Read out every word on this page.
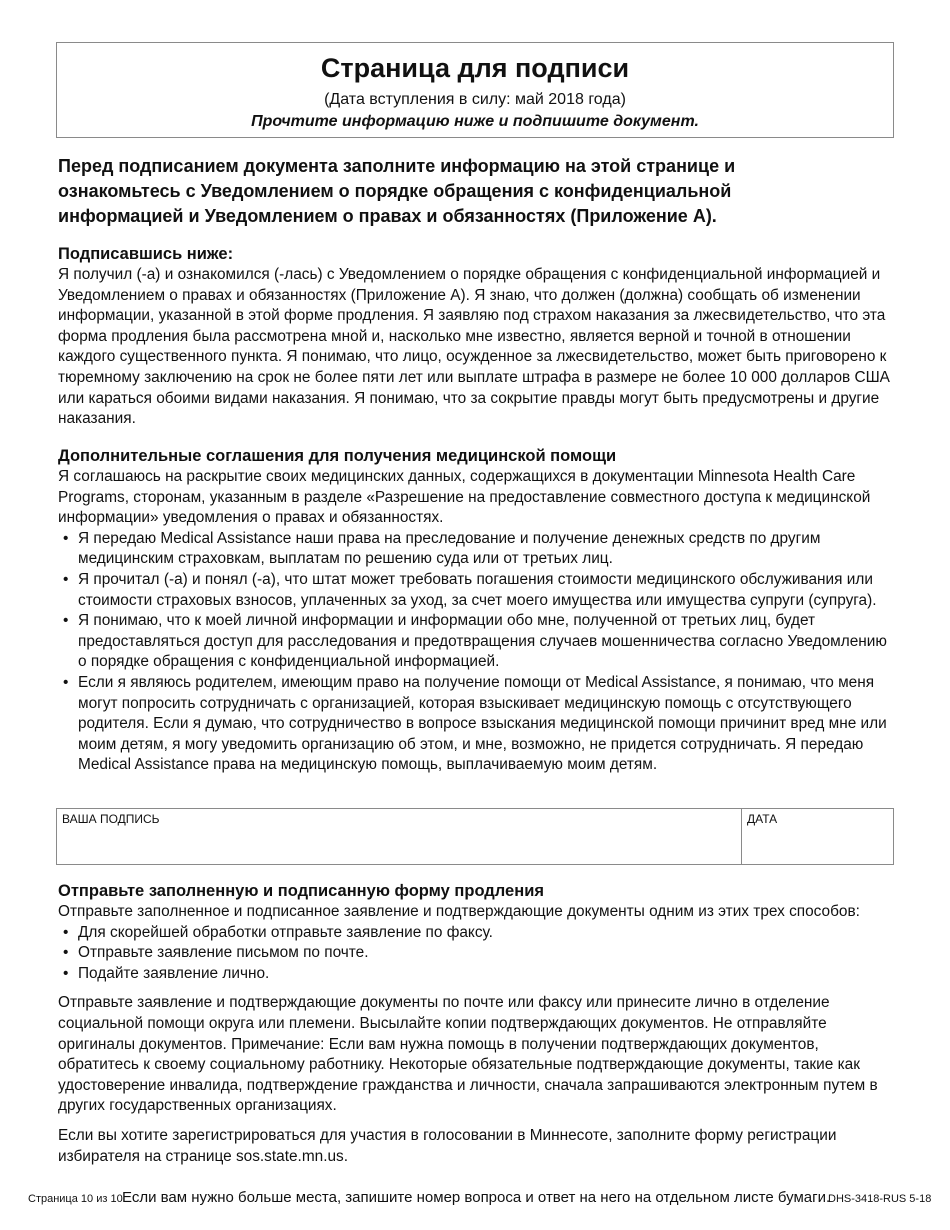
Страница для подписи
(Дата вступления в силу: май 2018 года)
Прочтите информацию ниже и подпишите документ.
Перед подписанием документа заполните информацию на этой странице и ознакомьтесь с Уведомлением о порядке обращения с конфиденциальной информацией и Уведомлением о правах и обязанностях (Приложение A).
Подписавшись ниже:

Я получил (-а) и ознакомился (-лась) с Уведомлением о порядке обращения с конфиденциальной информацией и Уведомлением о правах и обязанностях (Приложение А). Я знаю, что должен (должна) сообщать об изменении информации, указанной в этой форме продления. Я заявляю под страхом наказания за лжесвидетельство, что эта форма продления была рассмотрена мной и, насколько мне известно, является верной и точной в отношении каждого существенного пункта. Я понимаю, что лицо, осужденное за лжесвидетельство, может быть приговорено к тюремному заключению на срок не более пяти лет или выплате штрафа в размере не более 10 000 долларов США или караться обоими видами наказания. Я понимаю, что за сокрытие правды могут быть предусмотрены и другие наказания.

Дополнительные соглашения для получения медицинской помощи

Я соглашаюсь на раскрытие своих медицинских данных, содержащихся в документации Minnesota Health Care Programs, сторонам, указанным в разделе «Разрешение на предоставление совместного доступа к медицинской информации» уведомления о правах и обязанностях.

• Я передаю Medical Assistance наши права на преследование и получение денежных средств по другим медицинским страховкам, выплатам по решению суда или от третьих лиц.
• Я прочитал (-а) и понял (-а), что штат может требовать погашения стоимости медицинского обслуживания или стоимости страховых взносов, уплаченных за уход, за счет моего имущества или имущества супруги (супруга).
• Я понимаю, что к моей личной информации и информации обо мне, полученной от третьих лиц, будет предоставляться доступ для расследования и предотвращения случаев мошенничества согласно Уведомлению о порядке обращения с конфиденциальной информацией.
• Если я являюсь родителем, имеющим право на получение помощи от Medical Assistance, я понимаю, что меня могут попросить сотрудничать с организацией, которая взыскивает медицинскую помощь с отсутствующего родителя. Если я думаю, что сотрудничество в вопросе взыскания медицинской помощи причинит вред мне или моим детям, я могу уведомить организацию об этом, и мне, возможно, не придется сотрудничать. Я передаю Medical Assistance права на медицинскую помощь, выплачиваемую моим детям.
ВАША ПОДПИСЬ	ДАТА
Отправьте заполненную и подписанную форму продления

Отправьте заполненное и подписанное заявление и подтверждающие документы одним из этих трех способов:

• Для скорейшей обработки отправьте заявление по факсу.
• Отправьте заявление письмом по почте.
• Подайте заявление лично.

Отправьте заявление и подтверждающие документы по почте или факсу или принесите лично в отделение социальной помощи округа или племени. Высылайте копии подтверждающих документов. Не отправляйте оригиналы документов. Примечание: Если вам нужна помощь в получении подтверждающих документов, обратитесь к своему социальному работнику. Некоторые обязательные подтверждающие документы, такие как удостоверение инвалида, подтверждение гражданства и личности, сначала запрашиваются электронным путем в других государственных организациях.

Если вы хотите зарегистрироваться для участия в голосовании в Миннесоте, заполните форму регистрации избирателя на странице sos.state.mn.us.

Страница 10 из 10 Если вам нужно больше места, запишите номер вопроса и ответ на него на отдельном листе бумаги.
DHS-3418-RUS 5-18
